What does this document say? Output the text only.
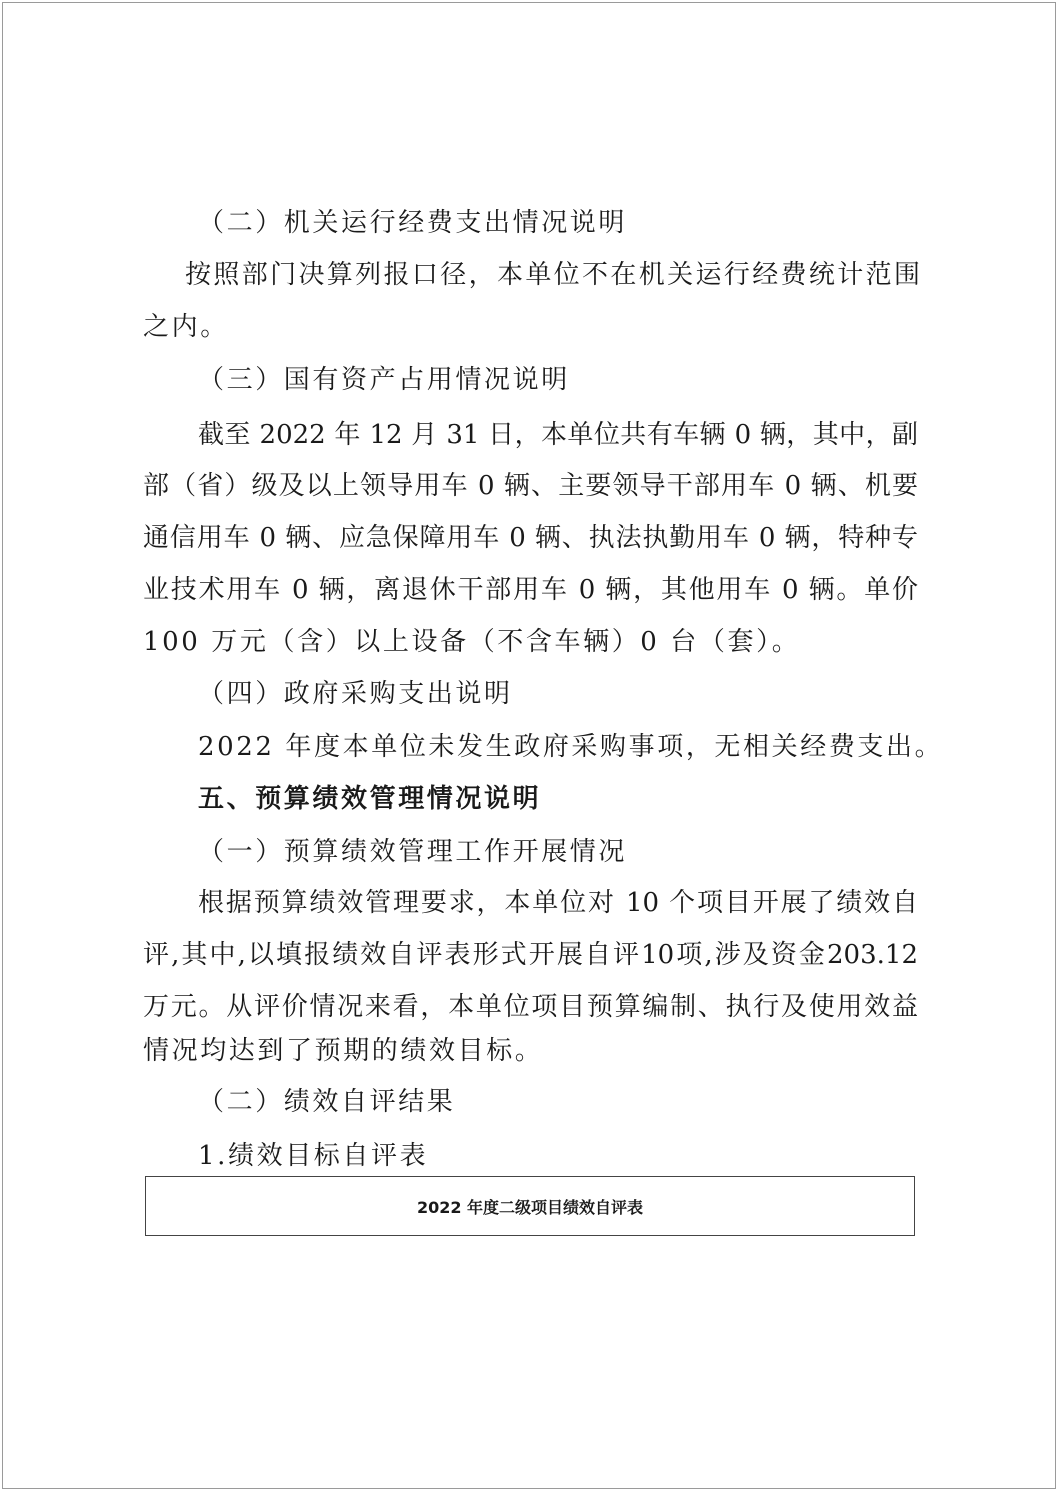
（二）机关运行经费支出情况说明
按照部门决算列报口径，本单位不在机关运行经费统计范围
之内。
（三）国有资产占用情况说明
截至 2022 年 12 月 31 日，本单位共有车辆 0 辆，其中，副
部（省）级及以上领导用车 0 辆、主要领导干部用车 0 辆、机要
通信用车 0 辆、应急保障用车 0 辆、执法执勤用车 0 辆，特种专
业技术用车 0 辆，离退休干部用车 0 辆，其他用车 0 辆。单价
100 万元（含）以上设备（不含车辆）0 台（套）。
（四）政府采购支出说明
2022 年度本单位未发生政府采购事项，无相关经费支出。
五、预算绩效管理情况说明
（一）预算绩效管理工作开展情况
根据预算绩效管理要求，本单位对 10 个项目开展了绩效自
评,其中,以填报绩效自评表形式开展自评10项,涉及资金203.12
万元。从评价情况来看，本单位项目预算编制、执行及使用效益
情况均达到了预期的绩效目标。
（二）绩效自评结果
1.绩效目标自评表
2022 年度二级项目绩效自评表
